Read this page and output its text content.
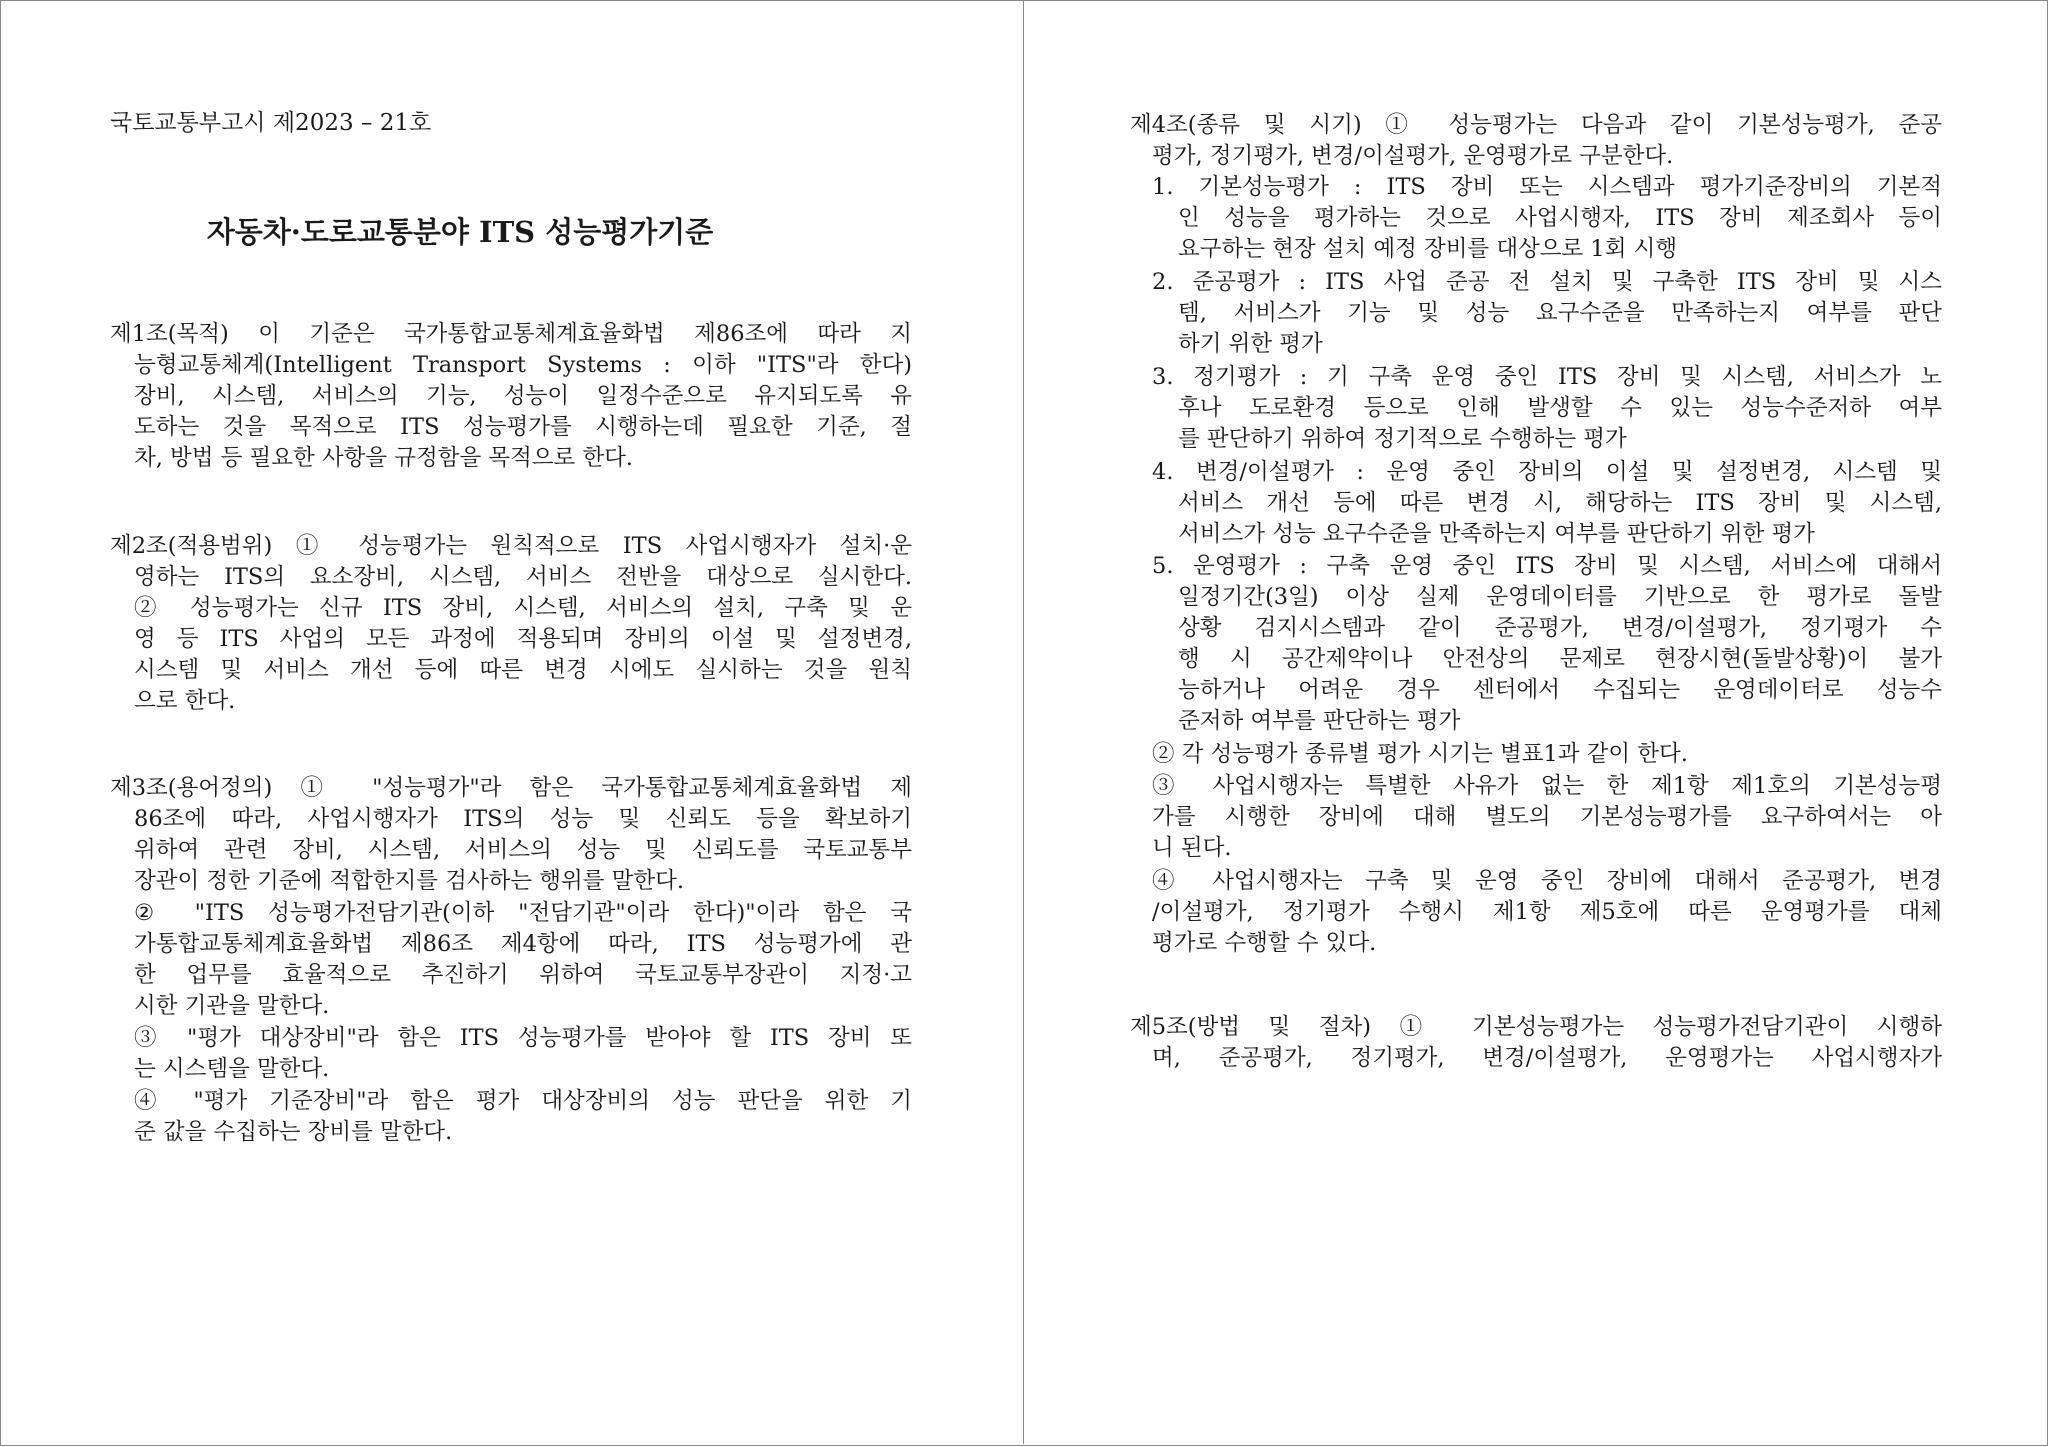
국토교통부고시 제2023 – 21호
자동차·도로교통분야 ITS 성능평가기준
제1조(목적) 이 기준은 국가통합교통체계효율화법 제86조에 따라 지
능형교통체계(Intelligent Transport Systems : 이하 "ITS"라 한다)
장비, 시스템, 서비스의 기능, 성능이 일정수준으로 유지되도록 유
도하는 것을 목적으로 ITS 성능평가를 시행하는데 필요한 기준, 절
차, 방법 등 필요한 사항을 규정함을 목적으로 한다.
제2조(적용범위) ① 성능평가는 원칙적으로 ITS 사업시행자가 설치·운
영하는 ITS의 요소장비, 시스템, 서비스 전반을 대상으로 실시한다.
② 성능평가는 신규 ITS 장비, 시스템, 서비스의 설치, 구축 및 운
영 등 ITS 사업의 모든 과정에 적용되며 장비의 이설 및 설정변경,
시스템 및 서비스 개선 등에 따른 변경 시에도 실시하는 것을 원칙
으로 한다.
제3조(용어정의) ① "성능평가"라 함은 국가통합교통체계효율화법 제
86조에 따라, 사업시행자가 ITS의 성능 및 신뢰도 등을 확보하기
위하여 관련 장비, 시스템, 서비스의 성능 및 신뢰도를 국토교통부
장관이 정한 기준에 적합한지를 검사하는 행위를 말한다.
② "ITS 성능평가전담기관(이하 "전담기관"이라 한다)"이라 함은 국
가통합교통체계효율화법 제86조 제4항에 따라, ITS 성능평가에 관
한 업무를 효율적으로 추진하기 위하여 국토교통부장관이 지정·고
시한 기관을 말한다.
③ "평가 대상장비"라 함은 ITS 성능평가를 받아야 할 ITS 장비 또
는 시스템을 말한다.
④ "평가 기준장비"라 함은 평가 대상장비의 성능 판단을 위한 기
준 값을 수집하는 장비를 말한다.
제4조(종류 및 시기) ① 성능평가는 다음과 같이 기본성능평가, 준공
평가, 정기평가, 변경/이설평가, 운영평가로 구분한다.
1. 기본성능평가 : ITS 장비 또는 시스템과 평가기준장비의 기본적
인 성능을 평가하는 것으로 사업시행자, ITS 장비 제조회사 등이
요구하는 현장 설치 예정 장비를 대상으로 1회 시행
2. 준공평가 : ITS 사업 준공 전 설치 및 구축한 ITS 장비 및 시스
템, 서비스가 기능 및 성능 요구수준을 만족하는지 여부를 판단
하기 위한 평가
3. 정기평가 : 기 구축 운영 중인 ITS 장비 및 시스템, 서비스가 노
후나 도로환경 등으로 인해 발생할 수 있는 성능수준저하 여부
를 판단하기 위하여 정기적으로 수행하는 평가
4. 변경/이설평가 : 운영 중인 장비의 이설 및 설정변경, 시스템 및
서비스 개선 등에 따른 변경 시, 해당하는 ITS 장비 및 시스템,
서비스가 성능 요구수준을 만족하는지 여부를 판단하기 위한 평가
5. 운영평가 : 구축 운영 중인 ITS 장비 및 시스템, 서비스에 대해서
일정기간(3일) 이상 실제 운영데이터를 기반으로 한 평가로 돌발
상황 검지시스템과 같이 준공평가, 변경/이설평가, 정기평가 수
행 시 공간제약이나 안전상의 문제로 현장시현(돌발상황)이 불가
능하거나 어려운 경우 센터에서 수집되는 운영데이터로 성능수
준저하 여부를 판단하는 평가
② 각 성능평가 종류별 평가 시기는 별표1과 같이 한다.
③ 사업시행자는 특별한 사유가 없는 한 제1항 제1호의 기본성능평
가를 시행한 장비에 대해 별도의 기본성능평가를 요구하여서는 아
니 된다.
④ 사업시행자는 구축 및 운영 중인 장비에 대해서 준공평가, 변경
/이설평가, 정기평가 수행시 제1항 제5호에 따른 운영평가를 대체
평가로 수행할 수 있다.
제5조(방법 및 절차) ① 기본성능평가는 성능평가전담기관이 시행하
며, 준공평가, 정기평가, 변경/이설평가, 운영평가는 사업시행자가
